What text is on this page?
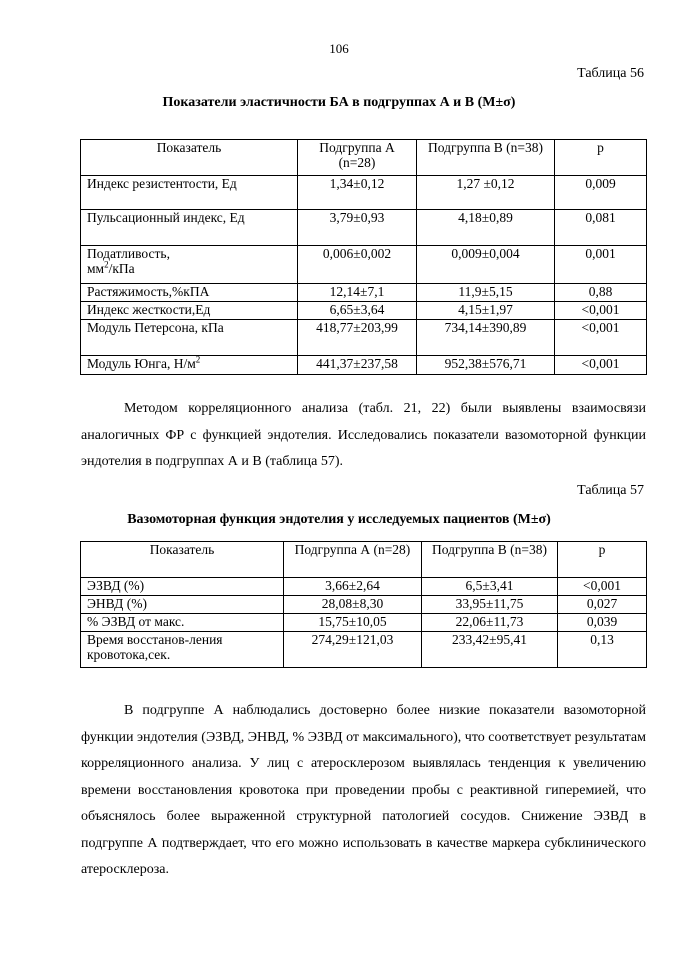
106
Таблица 56
Показатели эластичности БА в подгруппах А и В (M±σ)
Показатель	Подгруппа А (n=28)	Подгруппа В (n=38)	p
Индекс резистентости, Ед	1,34±0,12	1,27 ±0,12	0,009
Пульсационный индекс, Ед	3,79±0,93	4,18±0,89	0,081
Податливость,
$мм^2$/кПа	0,006±0,002	0,009±0,004	0,001
Растяжимость,%кПА	12,14±7,1	11,9±5,15	0,88
Индекс жесткости,Ед	6,65±3,64	4,15±1,97	<0,001
Модуль Петерсона, кПа	418,77±203,99	734,14±390,89	<0,001
Модуль Юнга, $Н/м^2$	441,37±237,58	952,38±576,71	<0,001

Методом корреляционного анализа (табл. 21, 22) были выявлены взаимосвязи аналогичных ФР с функцией эндотелия. Исследовались показатели вазомоторной функции эндотелия в подгруппах А и В (таблица 57).

Таблица 57
Вазомоторная функция эндотелия у исследуемых пациентов (M±σ)
Показатель	Подгруппа А (n=28)	Подгруппа В (n=38)	p
ЭЗВД (%)	3,66±2,64	6,5±3,41	<0,001
ЭНВД (%)	28,08±8,30	33,95±11,75	0,027
% ЭЗВД от макс.	15,75±10,05	22,06±11,73	0,039
Время восстанов-ления кровотока,сек.	274,29±121,03	233,42±95,41	0,13

В подгруппе А наблюдались достоверно более низкие показатели вазомоторной функции эндотелия (ЭЗВД, ЭНВД, % ЭЗВД от максимального), что соответствует результатам корреляционного анализа. У лиц с атеросклерозом выявлялась тенденция к увеличению времени восстановления кровотока при проведении пробы с реактивной гиперемией, что объяснялось более выраженной структурной патологией сосудов. Снижение ЭЗВД в подгруппе А подтверждает, что его можно использовать в качестве маркера субклинического атеросклероза.
